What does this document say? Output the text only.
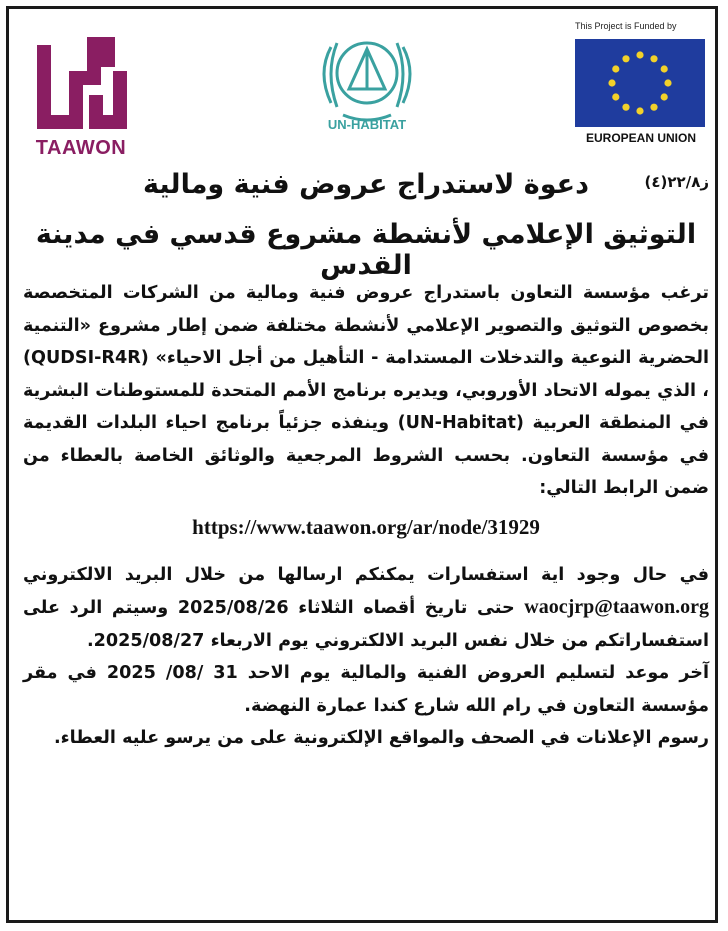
TAAWON
UN-HABITAT
This Project is Funded by
EUROPEAN UNION
دعوة لاستدراج عروض فنية ومالية	ز٢٢/٨(٤)
التوثيق الإعلامي لأنشطة مشروع قدسي في مدينة القدس
ترغب مؤسسة التعاون باستدراج عروض فنية ومالية من الشركات المتخصصة بخصوص التوثيق والتصوير الإعلامي لأنشطة مختلفة ضمن إطار مشروع «التنمية الحضرية النوعية والتدخلات المستدامة - التأهيل من أجل الاحياء» (QUDSI-R4R) ، الذي يموله الاتحاد الأوروبي، ويديره برنامج الأمم المتحدة للمستوطنات البشرية في المنطقة العربية (UN-Habitat) وينفذه جزئياً برنامج احياء البلدات القديمة في مؤسسة التعاون. بحسب الشروط المرجعية والوثائق الخاصة بالعطاء من ضمن الرابط التالي:
https://www.taawon.org/ar/node/31929
في حال وجود اية استفسارات يمكنكم ارسالها من خلال البريد الالكتروني waocjrp@taawon.org حتى تاريخ أقصاه الثلاثاء 2025/08/26 وسيتم الرد على استفساراتكم من خلال نفس البريد الالكتروني يوم الاربعاء 2025/08/27.
آخر موعد لتسليم العروض الفنية والمالية يوم الاحد 31 /08/ 2025 في مقر مؤسسة التعاون في رام الله شارع كندا عمارة النهضة.
رسوم الإعلانات في الصحف والمواقع الإلكترونية على من يرسو عليه العطاء.
